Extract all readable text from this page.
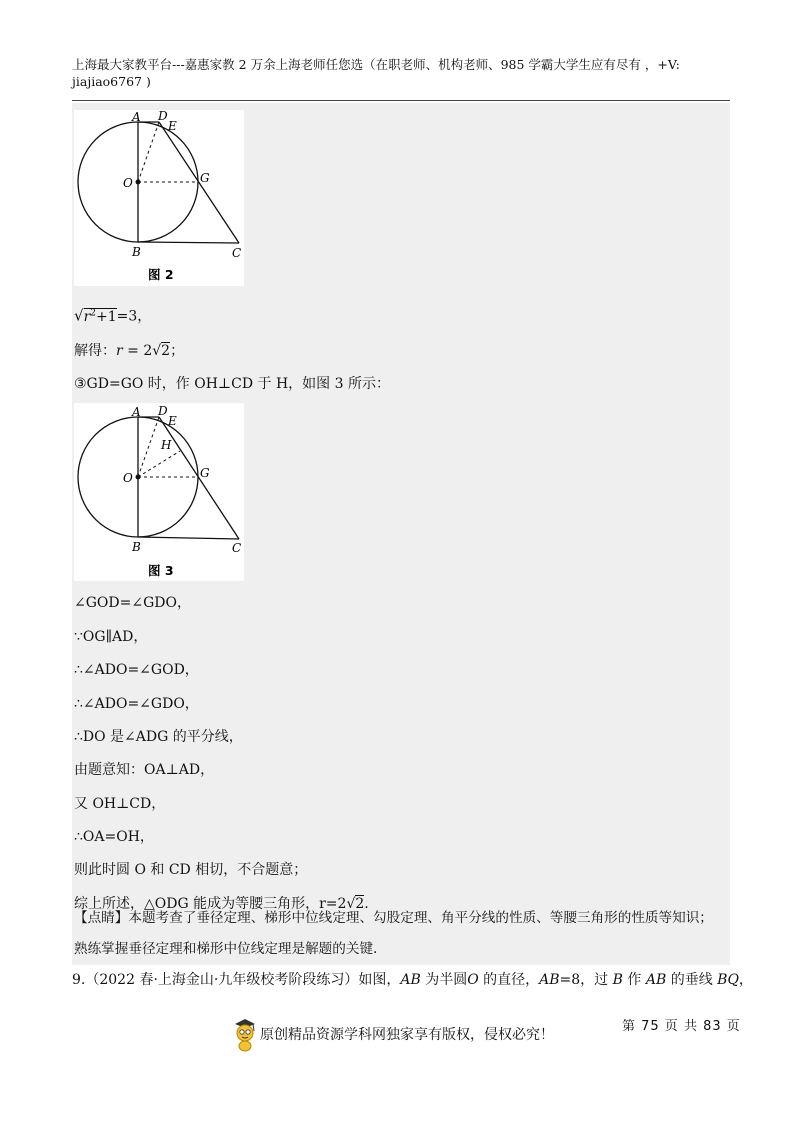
上海最大家教平台---嘉惠家教 2 万余上海老师任您选（在职老师、机构老师、985 学霸大学生应有尽有 ，+V:
jiajiao6767 )
A D
E
O	G
B	C
图 2
$√r^2+1=3$，
解得：r = 2√2；
③GD=GO 时，作 OH⊥CD 于 H，如图 3 所示：
A D
E
H
O	G
B	C
图 3
∠GOD=∠GDO，
∵OG∥AD，
∴∠ADO=∠GOD，
∴∠ADO=∠GDO，
∴DO 是∠ADG 的平分线，
由题意知：OA⊥AD，
又 OH⊥CD，
∴OA=OH，
则此时圆 O 和 CD 相切，不合题意；
综上所述，△ODG 能成为等腰三角形，r=2√2.
【点睛】本题考查了垂径定理、梯形中位线定理、勾股定理、角平分线的性质、等腰三角形的性质等知识；
熟练掌握垂径定理和梯形中位线定理是解题的关键.
9.（2022 春·上海金山·九年级校考阶段练习）如图，AB 为半圆O 的直径，AB=8，过 B 作 AB 的垂线 BQ，
原创精品资源学科网独家享有版权，侵权必究！
第 75 页 共 83 页
